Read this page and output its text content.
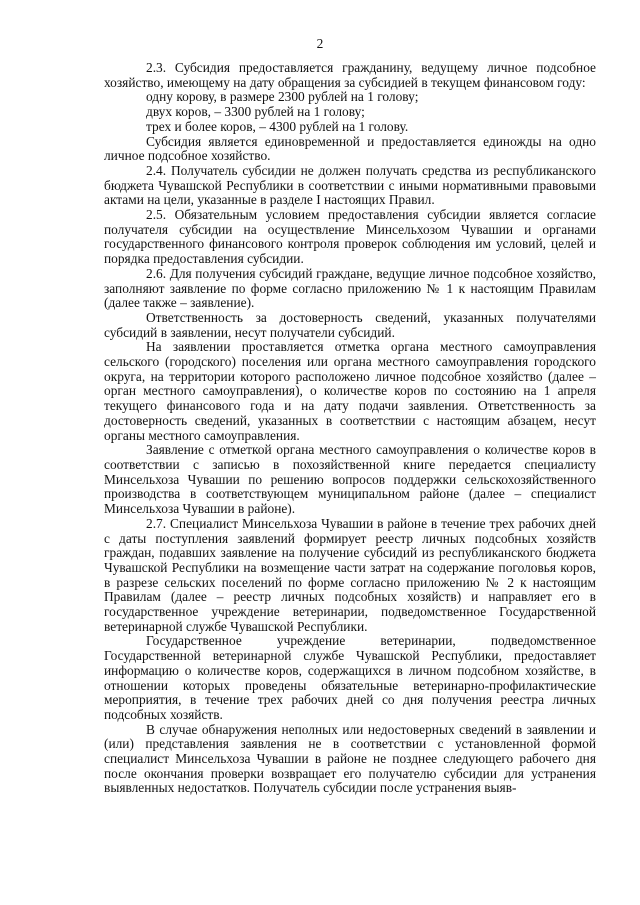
2

2.3. Субсидия предоставляется гражданину, ведущему личное подсобное хозяйство, имеющему на дату обращения за субсидией в текущем финансовом году:

одну корову, в размере 2300 рублей на 1 голову;

двух коров, – 3300 рублей на 1 голову;

трех и более коров, – 4300 рублей на 1 голову.

Субсидия является единовременной и предоставляется единожды на одно личное подсобное хозяйство.

2.4. Получатель субсидии не должен получать средства из республиканского бюджета Чувашской Республики в соответствии с иными нормативными правовыми актами на цели, указанные в разделе I настоящих Правил.

2.5. Обязательным условием предоставления субсидии является согласие получателя субсидии на осуществление Минсельхозом Чувашии и органами государственного финансового контроля проверок соблюдения им условий, целей и порядка предоставления субсидии.

2.6. Для получения субсидий граждане, ведущие личное подсобное хозяйство, заполняют заявление по форме согласно приложению № 1 к настоящим Правилам (далее также – заявление).

Ответственность за достоверность сведений, указанных получателями субсидий в заявлении, несут получатели субсидий.

На заявлении проставляется отметка органа местного самоуправления сельского (городского) поселения или органа местного самоуправления городского округа, на территории которого расположено личное подсобное хозяйство (далее – орган местного самоуправления), о количестве коров по состоянию на 1 апреля текущего финансового года и на дату подачи заявления. Ответственность за достоверность сведений, указанных в соответствии с настоящим абзацем, несут органы местного самоуправления.

Заявление с отметкой органа местного самоуправления о количестве коров в соответствии с записью в похозяйственной книге передается специалисту Минсельхоза Чувашии по решению вопросов поддержки сельскохозяйственного производства в соответствующем муниципальном районе (далее – специалист Минсельхоза Чувашии в районе).

2.7. Специалист Минсельхоза Чувашии в районе в течение трех рабочих дней с даты поступления заявлений формирует реестр личных подсобных хозяйств граждан, подавших заявление на получение субсидий из республиканского бюджета Чувашской Республики на возмещение части затрат на содержание поголовья коров, в разрезе сельских поселений по форме согласно приложению № 2 к настоящим Правилам (далее – реестр личных подсобных хозяйств) и направляет его в государственное учреждение ветеринарии, подведомственное Государственной ветеринарной службе Чувашской Республики.

Государственное учреждение ветеринарии, подведомственное Государственной ветеринарной службе Чувашской Республики, предоставляет информацию о количестве коров, содержащихся в личном подсобном хозяйстве, в отношении которых проведены обязательные ветеринарно-профилактические мероприятия, в течение трех рабочих дней со дня получения реестра личных подсобных хозяйств.

В случае обнаружения неполных или недостоверных сведений в заявлении и (или) представления заявления не в соответствии с установленной формой специалист Минсельхоза Чувашии в районе не позднее следующего рабочего дня после окончания проверки возвращает его получателю субсидии для устранения выявленных недостатков. Получатель субсидии после устранения выяв-
